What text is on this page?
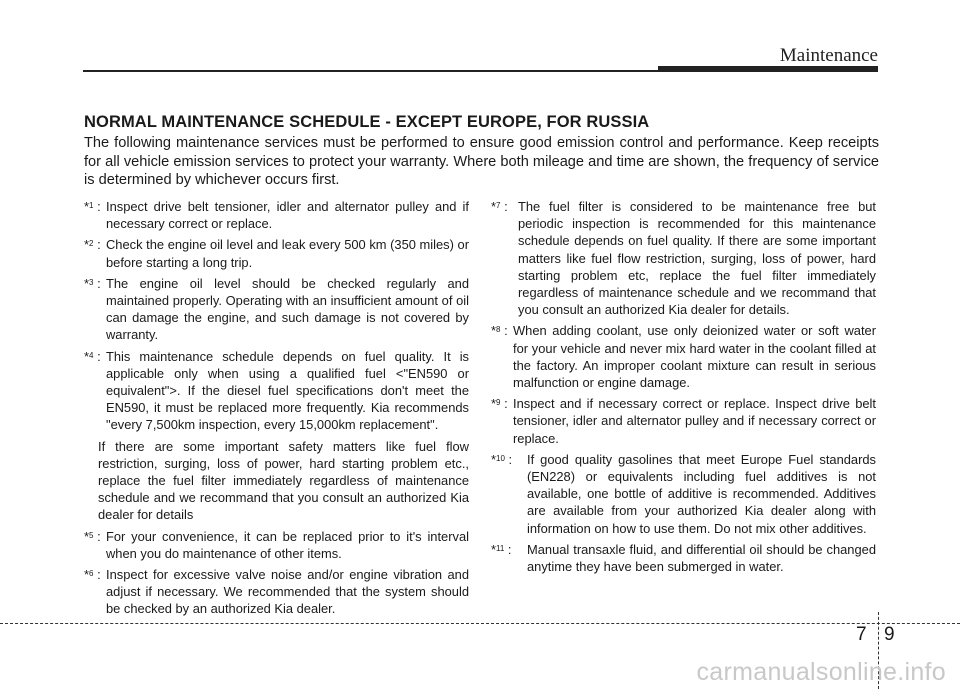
Maintenance
NORMAL MAINTENANCE SCHEDULE - EXCEPT EUROPE, FOR RUSSIA
The following maintenance services must be performed to ensure good emission control and performance. Keep receipts for all vehicle emission services to protect your warranty. Where both mileage and time are shown, the frequency of service is determined by whichever occurs first.
*$^1$ : Inspect drive belt tensioner, idler and alternator pulley and if necessary correct or replace.
*$^2$ : Check the engine oil level and leak every 500 km (350 miles) or before starting a long trip.
*$^3$ : The engine oil level should be checked regularly and maintained properly. Operating with an insufficient amount of oil can damage the engine, and such damage is not covered by warranty.
*$^4$ : This maintenance schedule depends on fuel quality. It is applicable only when using a qualified fuel <"EN590 or equivalent">. If the diesel fuel specifications don't meet the EN590, it must be replaced more frequently. Kia recommends "every 7,500km inspection, every 15,000km replacement".
If there are some important safety matters like fuel flow restriction, surging, loss of power, hard starting problem etc., replace the fuel filter immediately regardless of maintenance schedule and we recommand that you consult an authorized Kia dealer for details
*$^5$ : For your convenience, it can be replaced prior to it's interval when you do maintenance of other items.
*$^6$ : Inspect for excessive valve noise and/or engine vibration and adjust if necessary. We recommended that the system should be checked by an authorized Kia dealer.
*$^7$ : The fuel filter is considered to be maintenance free but periodic inspection is recommended for this maintenance schedule depends on fuel quality. If there are some important matters like fuel flow restriction, surging, loss of power, hard starting problem etc, replace the fuel filter immediately regardless of maintenance schedule and we recommand that you consult an authorized Kia dealer for details.
*$^8$ : When adding coolant, use only deionized water or soft water for your vehicle and never mix hard water in the coolant filled at the factory. An improper coolant mixture can result in serious malfunction or engine damage.
*$^9$ : Inspect and if necessary correct or replace. Inspect drive belt tensioner, idler and alternator pulley and if necessary correct or replace.
*$^{10}$ : If good quality gasolines that meet Europe Fuel standards (EN228) or equivalents including fuel additives is not available, one bottle of additive is recommended. Additives are available from your authorized Kia dealer along with information on how to use them. Do not mix other additives.
*$^{11}$ : Manual transaxle fluid, and differential oil should be changed anytime they have been submerged in water.
7 9
carmanualsonline.info
